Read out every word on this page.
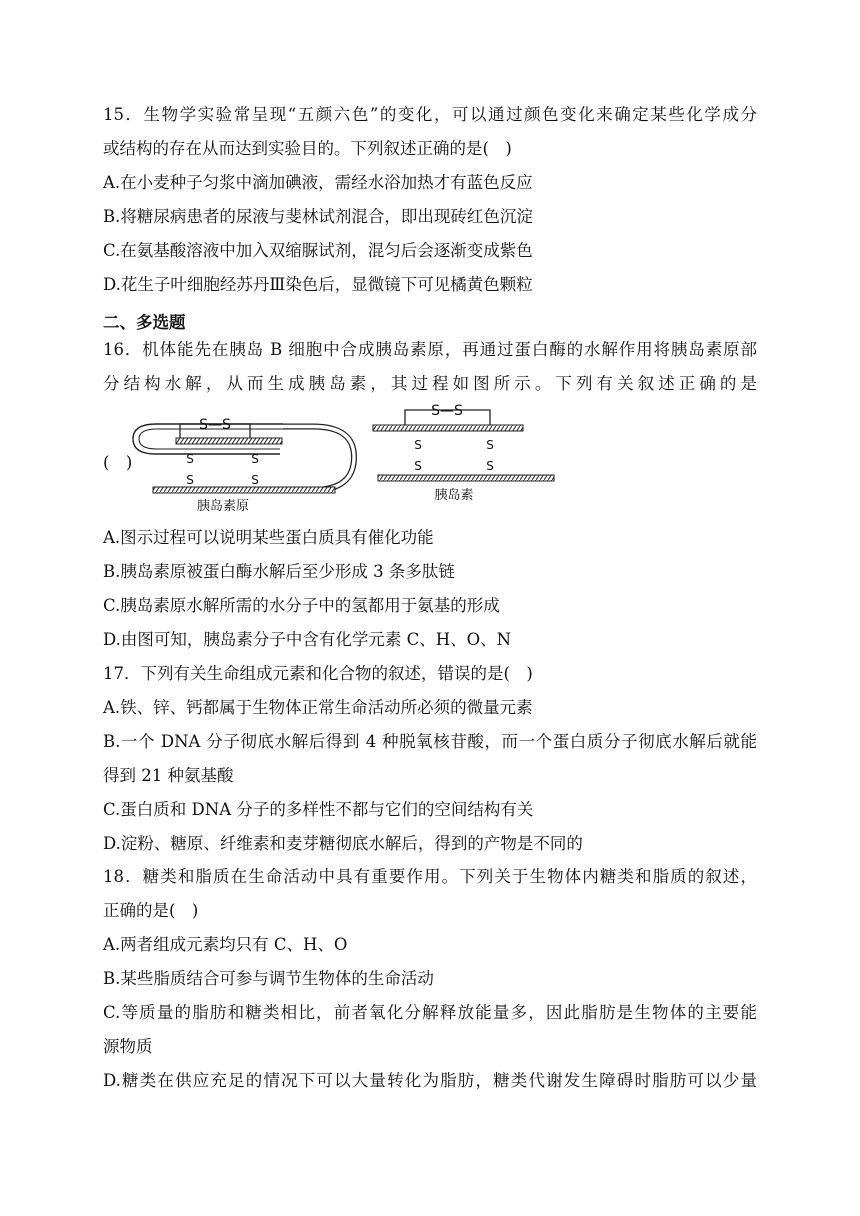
15．生物学实验常呈现“五颜六色”的变化，可以通过颜色变化来确定某些化学成分
或结构的存在从而达到实验目的。下列叙述正确的是(　)
A.在小麦种子匀浆中滴加碘液，需经水浴加热才有蓝色反应
B.将糖尿病患者的尿液与斐林试剂混合，即出现砖红色沉淀
C.在氨基酸溶液中加入双缩脲试剂，混匀后会逐渐变成紫色
D.花生子叶细胞经苏丹Ⅲ染色后，显微镜下可见橘黄色颗粒
二、多选题
16．机体能先在胰岛 B 细胞中合成胰岛素原，再通过蛋白酶的水解作用将胰岛素原部
分结构水解，从而生成胰岛素，其过程如图所示。下列有关叙述正确的是
(　)
S—S
S
S
S
S
胰岛素原
S—S
S
S
S
S
胰岛素
A.图示过程可以说明某些蛋白质具有催化功能
B.胰岛素原被蛋白酶水解后至少形成 3 条多肽链
C.胰岛素原水解所需的水分子中的氢都用于氨基的形成
D.由图可知，胰岛素分子中含有化学元素 C、H、O、N
17．下列有关生命组成元素和化合物的叙述，错误的是(　)
A.铁、锌、钙都属于生物体正常生命活动所必须的微量元素
B.一个 DNA 分子彻底水解后得到 4 种脱氧核苷酸，而一个蛋白质分子彻底水解后就能
得到 21 种氨基酸
C.蛋白质和 DNA 分子的多样性不都与它们的空间结构有关
D.淀粉、糖原、纤维素和麦芽糖彻底水解后，得到的产物是不同的
18．糖类和脂质在生命活动中具有重要作用。下列关于生物体内糖类和脂质的叙述，
正确的是(　)
A.两者组成元素均只有 C、H、O
B.某些脂质结合可参与调节生物体的生命活动
C.等质量的脂肪和糖类相比，前者氧化分解释放能量多，因此脂肪是生物体的主要能
源物质
D.糖类在供应充足的情况下可以大量转化为脂肪，糖类代谢发生障碍时脂肪可以少量
